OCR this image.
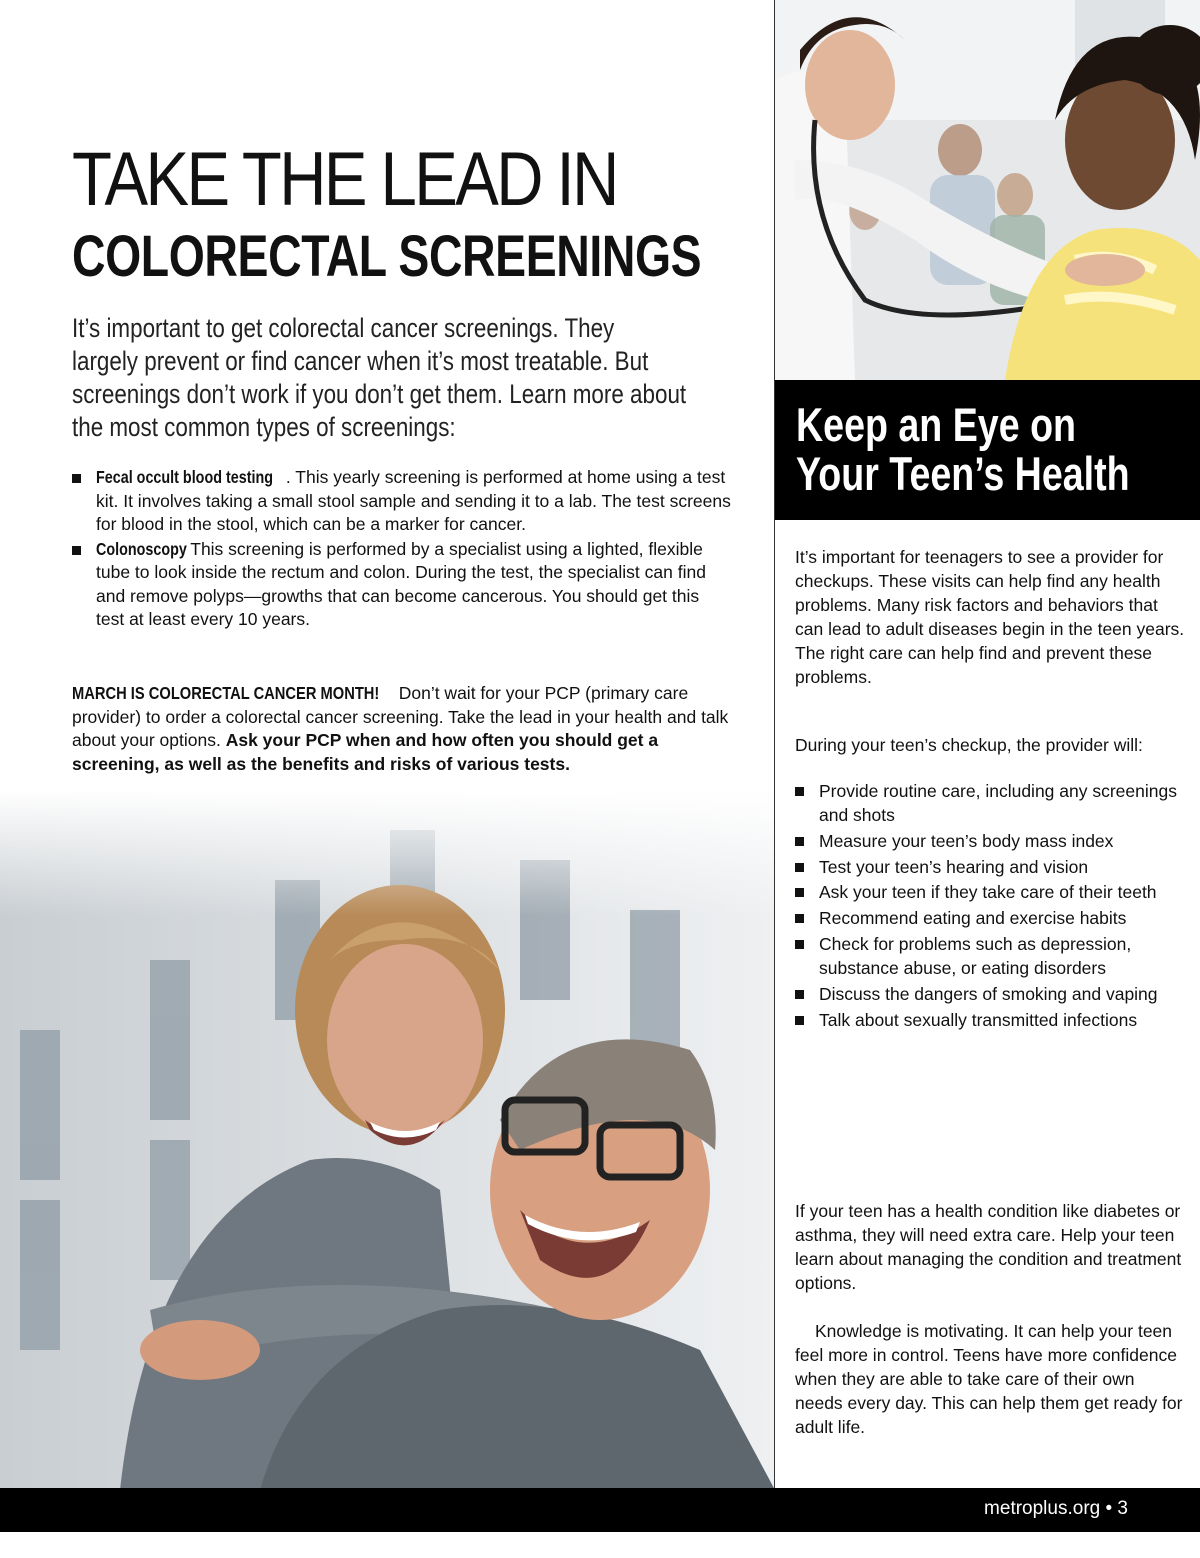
TAKE THE LEAD IN
COLORECTAL SCREENINGS

It’s important to get colorectal cancer screenings. They largely prevent or find cancer when it’s most treatable. But screenings don’t work if you don’t get them. Learn more about the most common types of screenings:

Fecal occult blood testing . This yearly screening is performed at home using a test kit. It involves taking a small stool sample and sending it to a lab. The test screens for blood in the stool, which can be a marker for cancer.
Colonoscopy. This screening is performed by a specialist using a lighted, flexible tube to look inside the rectum and colon. During the test, the specialist can find and remove polyps—growths that can become cancerous. You should get this test at least every 10 years.

MARCH IS COLORECTAL CANCER MONTH! Don’t wait for your PCP (primary care provider) to order a colorectal cancer screening. Take the lead in your health and talk about your options. Ask your PCP when and how often you should get a screening, as well as the benefits and risks of various tests.

Keep an Eye on
Your Teen’s Health

It’s important for teenagers to see a provider for checkups. These visits can help find any health problems. Many risk factors and behaviors that can lead to adult diseases begin in the teen years. The right care can help find and prevent these problems.

During your teen’s checkup, the provider will:

Provide routine care, including any screenings and shots
Measure your teen’s body mass index
Test your teen’s hearing and vision
Ask your teen if they take care of their teeth
Recommend eating and exercise habits
Check for problems such as depression, substance abuse, or eating disorders
Discuss the dangers of smoking and vaping
Talk about sexually transmitted infections

If your teen has a health condition like diabetes or asthma, they will need extra care. Help your teen learn about managing the condition and treatment options.

Knowledge is motivating. It can help your teen feel more in control. Teens have more confidence when they are able to take care of their own needs every day. This can help them get ready for adult life.

metroplus.org • 3
